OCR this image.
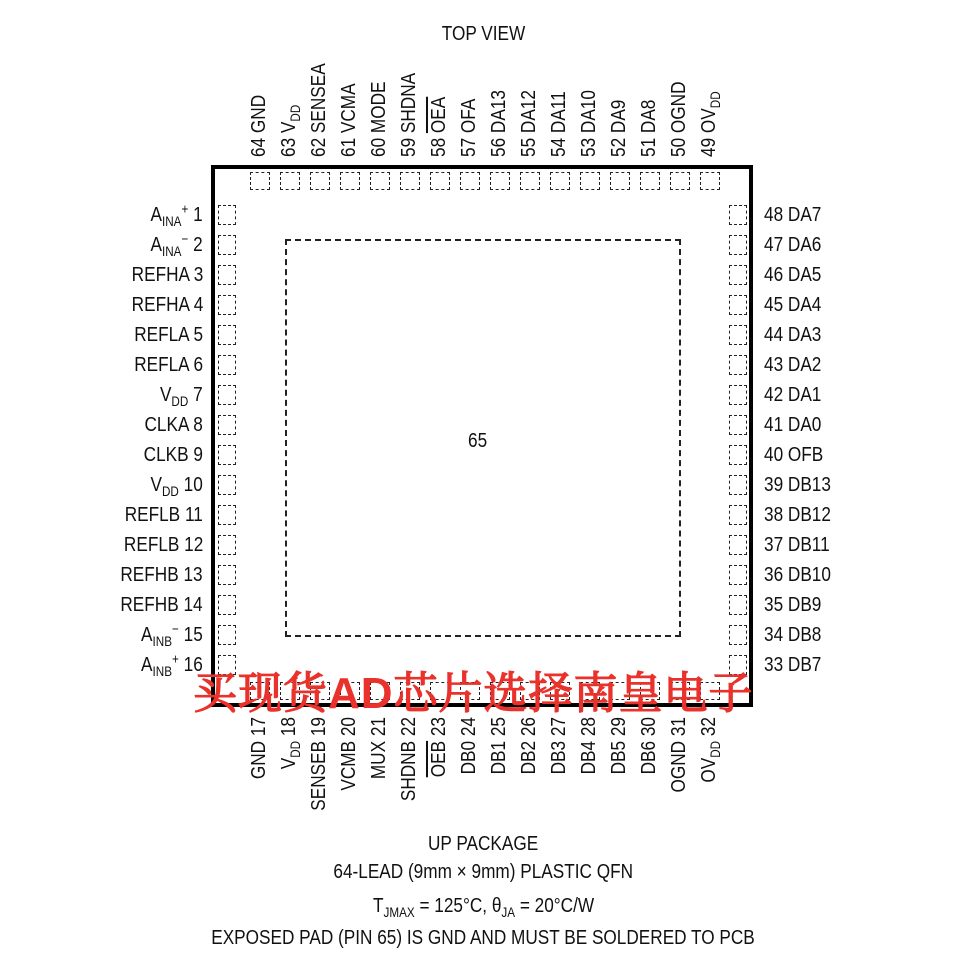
TOP VIEW
65
$A_{INA}^+$ 1
$A_{INA}^-$ 2
REFHA 3
REFHA 4
REFLA 5
REFLA 6
$V_{DD}$ 7
CLKA 8
CLKB 9
$V_{DD}$ 10
REFLB 11
REFLB 12
REFHB 13
REFHB 14
$A_{INB}^-$ 15
$A_{INB}^+$ 16
48 DA7
47 DA6
46 DA5
45 DA4
44 DA3
43 DA2
42 DA1
41 DA0
40 OFB
39 DB13
38 DB12
37 DB11
36 DB10
35 DB9
34 DB8
33 DB7
64 GND
63 $V_{DD}$
62 SENSEA
61 VCMA
60 MODE
59 SHDNA
58 $\overline{OEA}$
57 OFA
56 DA13
55 DA12
54 DA11
53 DA10
52 DA9
51 DA8
50 OGND
49 $OV_{DD}$
GND 17
$V_{DD}$ 18
SENSEB 19
VCMB 20
MUX 21
SHDNB 22
$\overline{OEB}$ 23
DB0 24
DB1 25
DB2 26
DB3 27
DB4 28
DB5 29
DB6 30
OGND 31
$OV_{DD}$ 32
买现货AD芯片选择南皇电子
UP PACKAGE
64-LEAD (9mm × 9mm) PLASTIC QFN
$T_{JMAX} = 125^\circ C$, $\theta_{JA} = 20^\circ C/W$
EXPOSED PAD (PIN 65) IS GND AND MUST BE SOLDERED TO PCB
